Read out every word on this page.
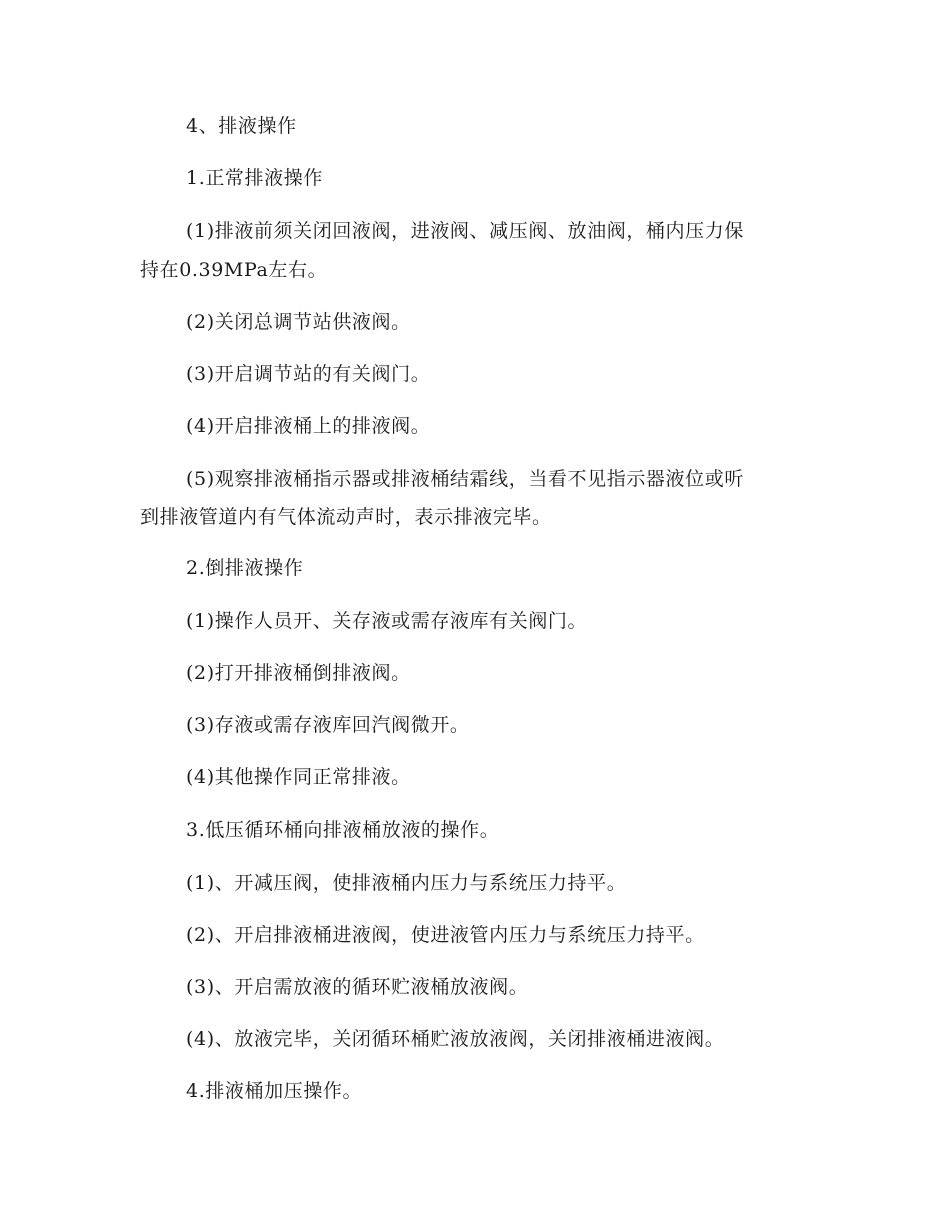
4、排液操作
1.正常排液操作
(1)排液前须关闭回液阀，进液阀、减压阀、放油阀，桶内压力保
持在0.39MPa左右。
(2)关闭总调节站供液阀。
(3)开启调节站的有关阀门。
(4)开启排液桶上的排液阀。
(5)观察排液桶指示器或排液桶结霜线，当看不见指示器液位或听
到排液管道内有气体流动声时，表示排液完毕。
2.倒排液操作
(1)操作人员开、关存液或需存液库有关阀门。
(2)打开排液桶倒排液阀。
(3)存液或需存液库回汽阀微开。
(4)其他操作同正常排液。
3.低压循环桶向排液桶放液的操作。
(1)、开减压阀，使排液桶内压力与系统压力持平。
(2)、开启排液桶进液阀，使进液管内压力与系统压力持平。
(3)、开启需放液的循环贮液桶放液阀。
(4)、放液完毕，关闭循环桶贮液放液阀，关闭排液桶进液阀。
4.排液桶加压操作。
